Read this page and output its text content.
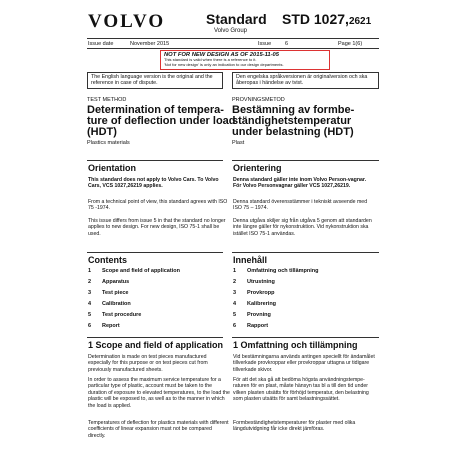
VOLVO	Standard
Volvo Group
STD 1027,2621
Issue date	November 2015	Issue	6	Page 1(6)
NOT FOR NEW DESIGN AS OF 2015-11-05
This standard is valid when there is a reference to it.
'Not for new design' is only an indication to our design departments.
The English language version is the original and the reference in case of dispute.
Den engelska språkversionen är originalversion och ska åberopas i händelse av tvist.
TEST METHOD
Determination of tempera-ture of deflection under load (HDT)
Plastics materials
PROVNINGSMETOD
Bestämning av formbe-ständighetstemperatur under belastning (HDT)
Plast
Orientation
This standard does not apply to Volvo Cars. To Volvo Cars, VCS 1027,26219 applies.
From a technical point of view, this standard agrees with ISO 75 -1974.
This issue differs from issue 5 in that the standard no longer applies to new design. For new design, ISO 75-1 shall be used.
Orientering
Denna standard gäller inte inom Volvo Person-vagnar. För Volvo Personvagnar gäller VCS 1027,26219.
Denna standard överensstämmer i tekniskt avseende med ISO 75 – 1974.
Denna utgåva skiljer sig från utgåva 5 genom att standarden inte längre gäller för nykonstruktion. Vid nykonstruktion ska istället ISO 75-1 användas.
Contents
1 Scope and field of application
2 Apparatus
3 Test piece
4 Calibration
5 Test procedure
6 Report
Innehåll
1 Omfattning och tillämpning
2 Utrustning
3 Provkropp
4 Kalibrering
5 Provning
6 Rapport
1 Scope and field of application
Determination is made on test pieces manufactured especially for this purpose or on test pieces cut from previously manufactured sheets.
In order to assess the maximum service temperature for a particular type of plastic, account must be taken to the duration of exposure to elevated temperatures, to the load the plastic will be exposed to, as well as to the manner in which the load is applied.
Temperatures of deflection for plastics materials with different coefficients of linear expansion must not be compared directly.
1 Omfattning och tillämpning
Vid bestämningarna används antingen speciellt för ändamålet tillverkade provkroppar eller provkroppar uttagna ur tidigare tillverkade skivor.
För att det ska gå att bedöma högsta användningstempe-raturen för en plast, måste hänsyn tas bl a till den tid under vilken plasten utsätts för förhöjd temperatur, den belastning som plasten utsätts för samt belastningssättet.
Formbeständighetstemperaturer för plaster med olika längdutvidgning får icke direkt jämföras.
